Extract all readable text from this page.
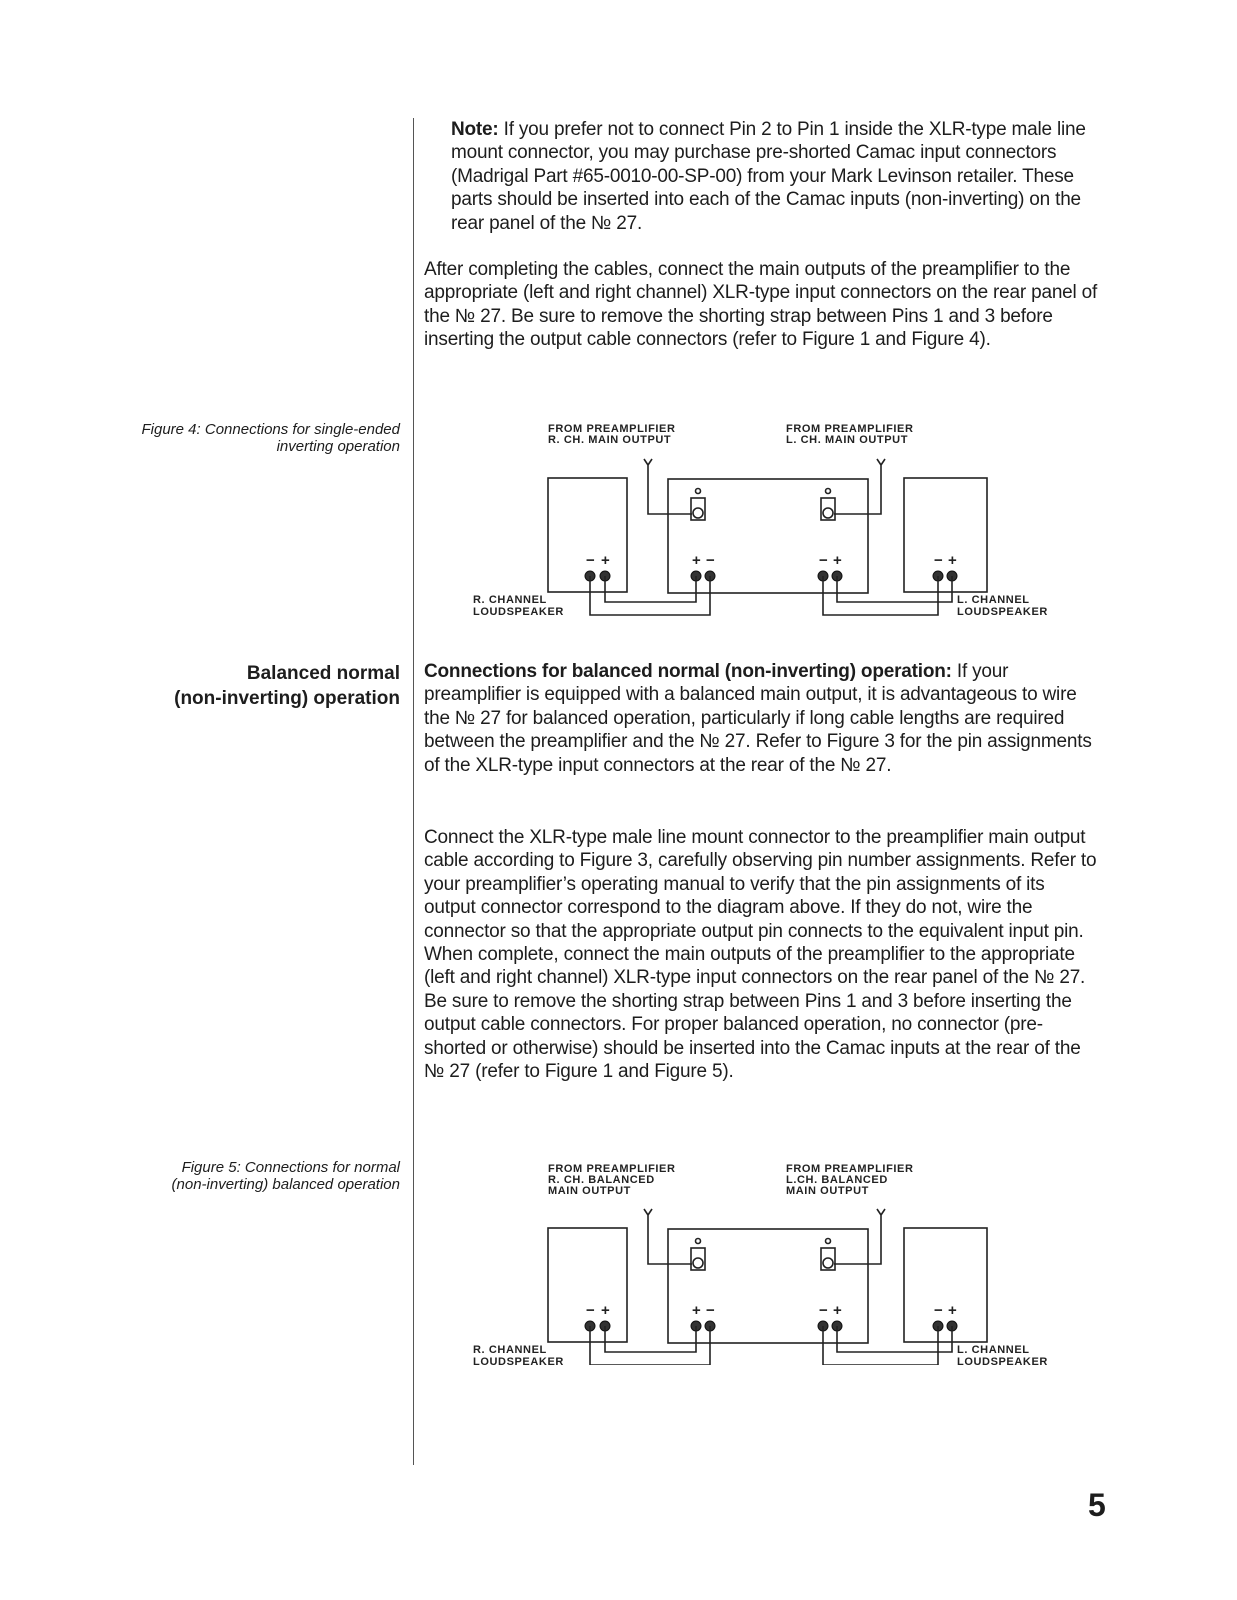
Note: If you prefer not to connect Pin 2 to Pin 1 inside the XLR-type male line mount connector, you may purchase pre-shorted Camac input connectors (Madrigal Part #65-0010-00-SP-00) from your Mark Levinson retailer. These parts should be inserted into each of the Camac inputs (non-inverting) on the rear panel of the № 27.
After completing the cables, connect the main outputs of the preamplifier to the appropriate (left and right channel) XLR-type input connectors on the rear panel of the № 27. Be sure to remove the shorting strap between Pins 1 and 3 before inserting the output cable connectors (refer to Figure 1 and Figure 4).
Figure 4: Connections for single-ended inverting operation
FROM PREAMPLIFIER
R. CH. MAIN OUTPUT
FROM PREAMPLIFIER
L. CH. MAIN OUTPUT
− +	+ −	− +	− +
R. CHANNEL
LOUDSPEAKER
L. CHANNEL
LOUDSPEAKER
Balanced normal
(non-inverting) operation
Connections for balanced normal (non-inverting) operation: If your preamplifier is equipped with a balanced main output, it is advantageous to wire the № 27 for balanced operation, particularly if long cable lengths are required between the preamplifier and the № 27. Refer to Figure 3 for the pin assignments of the XLR-type input connectors at the rear of the № 27.
Connect the XLR-type male line mount connector to the preamplifier main output cable according to Figure 3, carefully observing pin number assignments. Refer to your preamplifier’s operating manual to verify that the pin assignments of its output connector correspond to the diagram above. If they do not, wire the connector so that the appropriate output pin connects to the equivalent input pin. When complete, connect the main outputs of the preamplifier to the appropriate (left and right channel) XLR-type input connectors on the rear panel of the № 27. Be sure to remove the shorting strap between Pins 1 and 3 before inserting the output cable connectors. For proper balanced operation, no connector (pre-shorted or otherwise) should be inserted into the Camac inputs at the rear of the № 27 (refer to Figure 1 and Figure 5).
Figure 5: Connections for normal (non-inverting) balanced operation
FROM PREAMPLIFIER
R. CH. BALANCED
MAIN OUTPUT
FROM PREAMPLIFIER
L.CH. BALANCED
MAIN OUTPUT
− +	+ −	− +	− +
R. CHANNEL
LOUDSPEAKER
L. CHANNEL
LOUDSPEAKER
5
